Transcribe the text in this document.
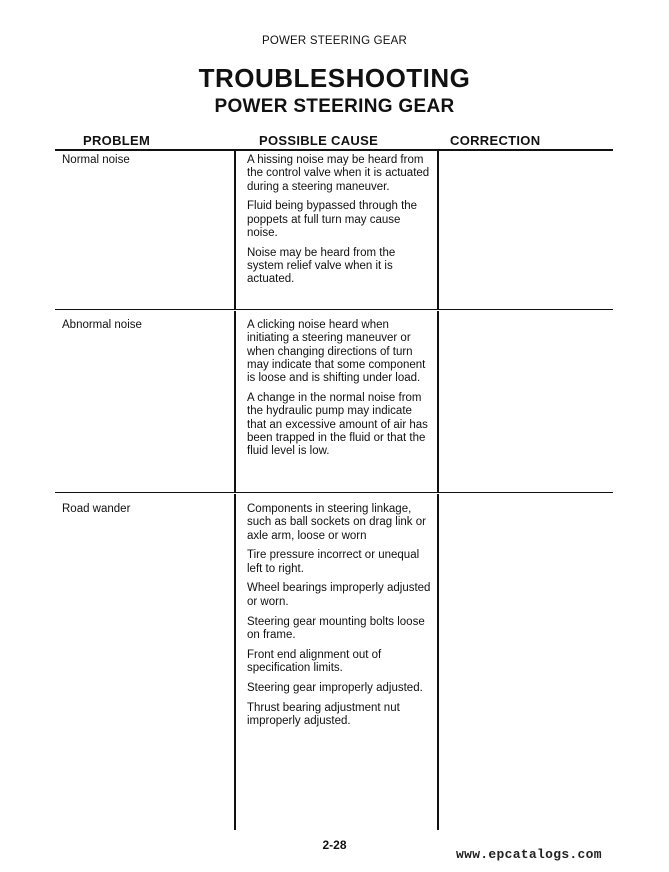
POWER STEERING GEAR
TROUBLESHOOTING
POWER STEERING GEAR
PROBLEM	POSSIBLE CAUSE	CORRECTION
Normal noise	A hissing noise may be heard from the control valve when it is actuated during a steering maneuver.

Fluid being bypassed through the poppets at full turn may cause noise.

Noise may be heard from the system relief valve when it is actuated.

Abnormal noise	A clicking noise heard when initiating a steering maneuver or when changing directions of turn may indicate that some component is loose and is shifting under load.

A change in the normal noise from the hydraulic pump may indicate that an excessive amount of air has been trapped in the fluid or that the fluid level is low.

Road wander	Components in steering linkage, such as ball sockets on drag link or axle arm, loose or worn

Tire pressure incorrect or unequal left to right.

Wheel bearings improperly adjusted or worn.

Steering gear mounting bolts loose on frame.

Front end alignment out of specification limits.

Steering gear improperly adjusted.

Thrust bearing adjustment nut improperly adjusted.

2-28
www.epcatalogs.com
